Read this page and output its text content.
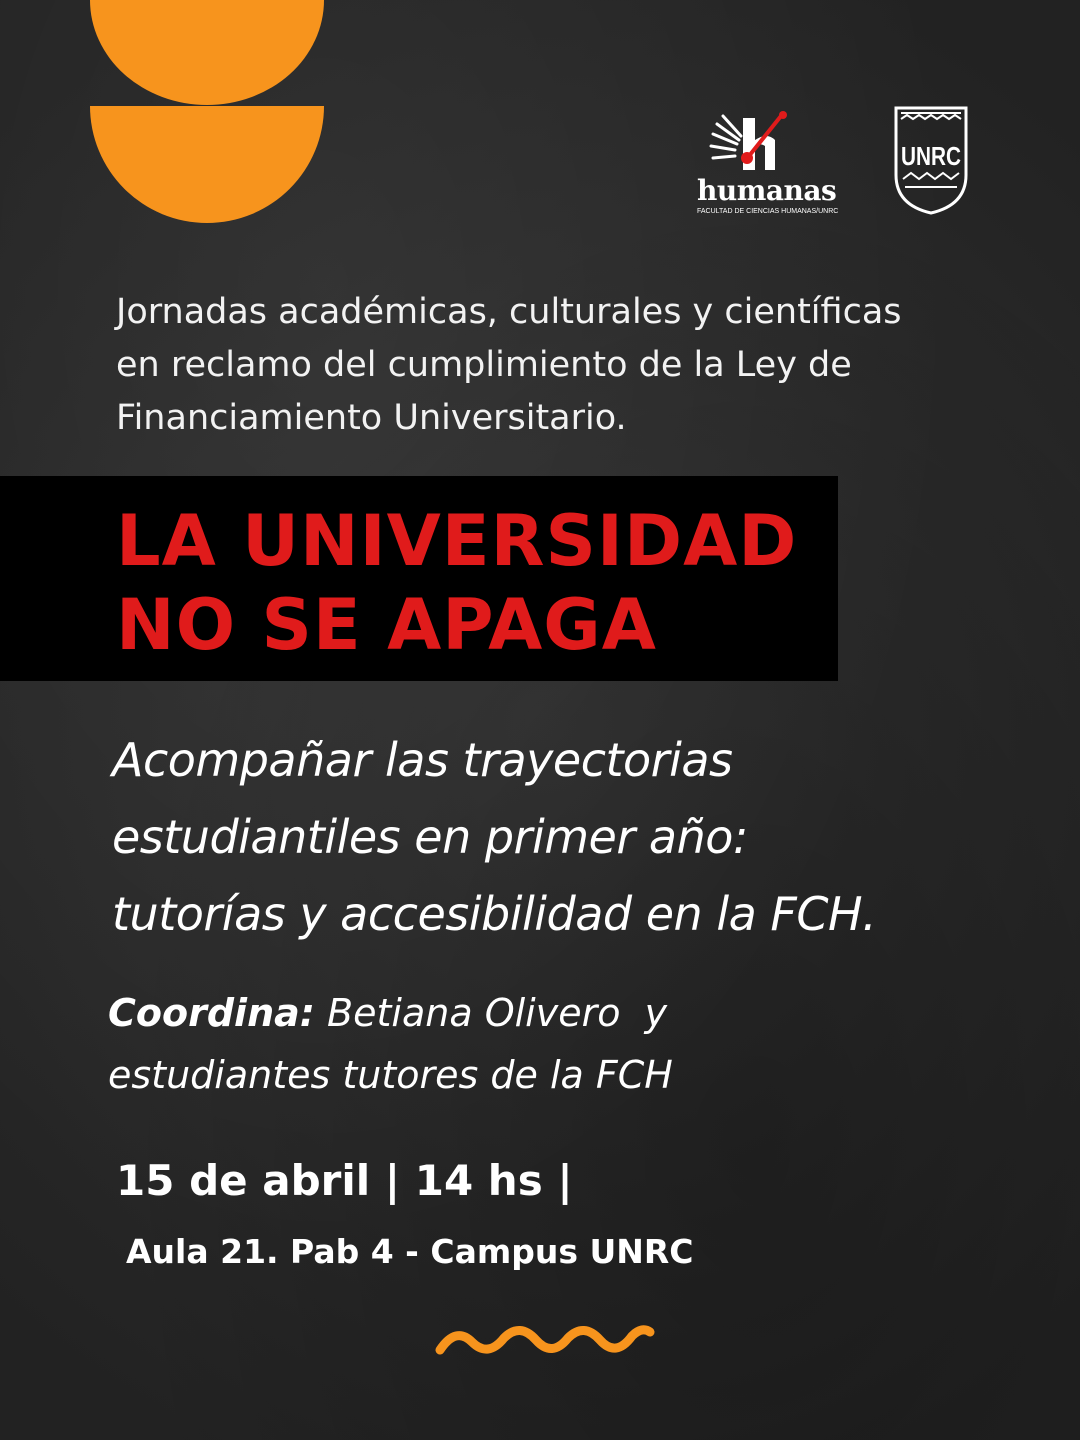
humanas
FACULTAD DE CIENCIAS HUMANAS/UNRC
UNRC
Jornadas académicas, culturales y científicas
en reclamo del cumplimiento de la Ley de
Financiamiento Universitario.
LA UNIVERSIDAD
NO SE APAGA
Acompañar las trayectorias
estudiantiles en primer año:
tutorías y accesibilidad en la FCH.
Coordina: Betiana Olivero  y
estudiantes tutores de la FCH
15 de abril | 14 hs |
Aula 21. Pab 4 - Campus UNRC
